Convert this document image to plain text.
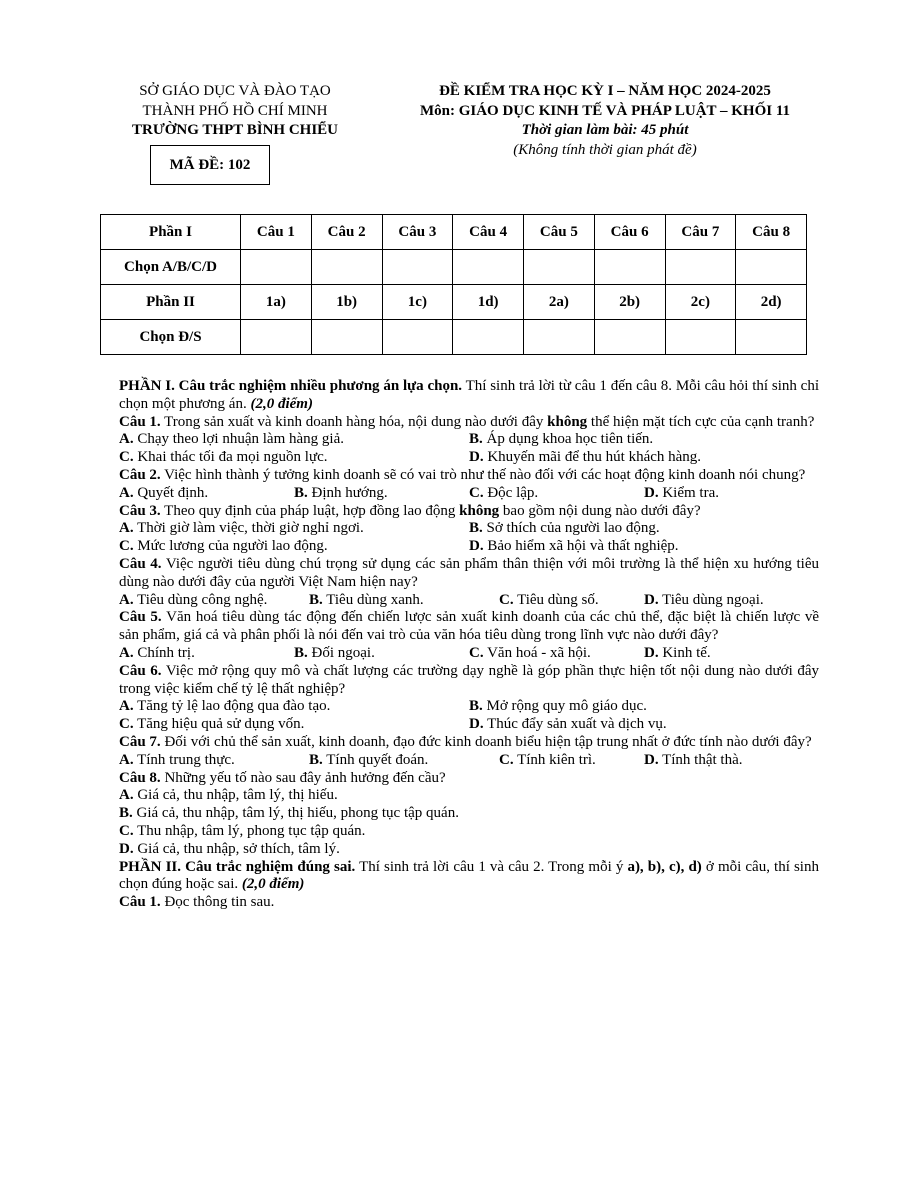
SỞ GIÁO DỤC VÀ ĐÀO TẠO
THÀNH PHỐ HỒ CHÍ MINH
TRƯỜNG THPT BÌNH CHIỂU
MÃ ĐỀ: 102
ĐỀ KIỂM TRA HỌC KỲ I – NĂM HỌC 2024-2025
Môn: GIÁO DỤC KINH TẾ VÀ PHÁP LUẬT – KHỐI 11
Thời gian làm bài: 45 phút
(Không tính thời gian phát đề)
Phần I	Câu 1	Câu 2	Câu 3	Câu 4	Câu 5	Câu 6	Câu 7	Câu 8
Chọn A/B/C/D								
Phần II	1a)	1b)	1c)	1d)	2a)	2b)	2c)	2d)
Chọn Đ/S								

PHẦN I. Câu trắc nghiệm nhiều phương án lựa chọn. Thí sinh trả lời từ câu 1 đến câu 8. Mỗi câu hỏi thí sinh chỉ chọn một phương án. (2,0 điểm)

Câu 1. Trong sản xuất và kinh doanh hàng hóa, nội dung nào dưới đây không thể hiện mặt tích cực của cạnh tranh?

A. Chạy theo lợi nhuận làm hàng giả.	B. Áp dụng khoa học tiên tiến.
C. Khai thác tối đa mọi nguồn lực.	D. Khuyến mãi để thu hút khách hàng.

Câu 2. Việc hình thành ý tưởng kinh doanh sẽ có vai trò như thế nào đối với các hoạt động kinh doanh nói chung?

A. Quyết định.	B. Định hướng.	C. Độc lập.	D. Kiểm tra.

Câu 3. Theo quy định của pháp luật, hợp đồng lao động không bao gồm nội dung nào dưới đây?

A. Thời giờ làm việc, thời giờ nghỉ ngơi.	B. Sở thích của người lao động.
C. Mức lương của người lao động.	D. Bảo hiểm xã hội và thất nghiệp.

Câu 4. Việc người tiêu dùng chú trọng sử dụng các sản phẩm thân thiện với môi trường là thể hiện xu hướng tiêu dùng nào dưới đây của người Việt Nam hiện nay?

A. Tiêu dùng công nghệ.	B. Tiêu dùng xanh.	C. Tiêu dùng số.	D. Tiêu dùng ngoại.

Câu 5. Văn hoá tiêu dùng tác động đến chiến lược sản xuất kinh doanh của các chủ thể, đặc biệt là chiến lược về sản phẩm, giá cả và phân phối là nói đến vai trò của văn hóa tiêu dùng trong lĩnh vực nào dưới đây?

A. Chính trị.	B. Đối ngoại.	C. Văn hoá - xã hội.	D. Kinh tế.

Câu 6. Việc mở rộng quy mô và chất lượng các trường dạy nghề là góp phần thực hiện tốt nội dung nào dưới đây trong việc kiểm chế tỷ lệ thất nghiệp?

A. Tăng tỷ lệ lao động qua đào tạo.	B. Mở rộng quy mô giáo dục.
C. Tăng hiệu quả sử dụng vốn.	D. Thúc đẩy sản xuất và dịch vụ.

Câu 7. Đối với chủ thể sản xuất, kinh doanh, đạo đức kinh doanh biểu hiện tập trung nhất ở đức tính nào dưới đây?

A. Tính trung thực.	B. Tính quyết đoán.	C. Tính kiên trì.	D. Tính thật thà.

Câu 8. Những yếu tố nào sau đây ảnh hưởng đến cầu?

A. Giá cả, thu nhập, tâm lý, thị hiếu.
B. Giá cả, thu nhập, tâm lý, thị hiếu, phong tục tập quán.
C. Thu nhập, tâm lý, phong tục tập quán.
D. Giá cả, thu nhập, sở thích, tâm lý.

PHẦN II. Câu trắc nghiệm đúng sai. Thí sinh trả lời câu 1 và câu 2. Trong mỗi ý a), b), c), d) ở mỗi câu, thí sinh chọn đúng hoặc sai. (2,0 điểm)

Câu 1. Đọc thông tin sau.
